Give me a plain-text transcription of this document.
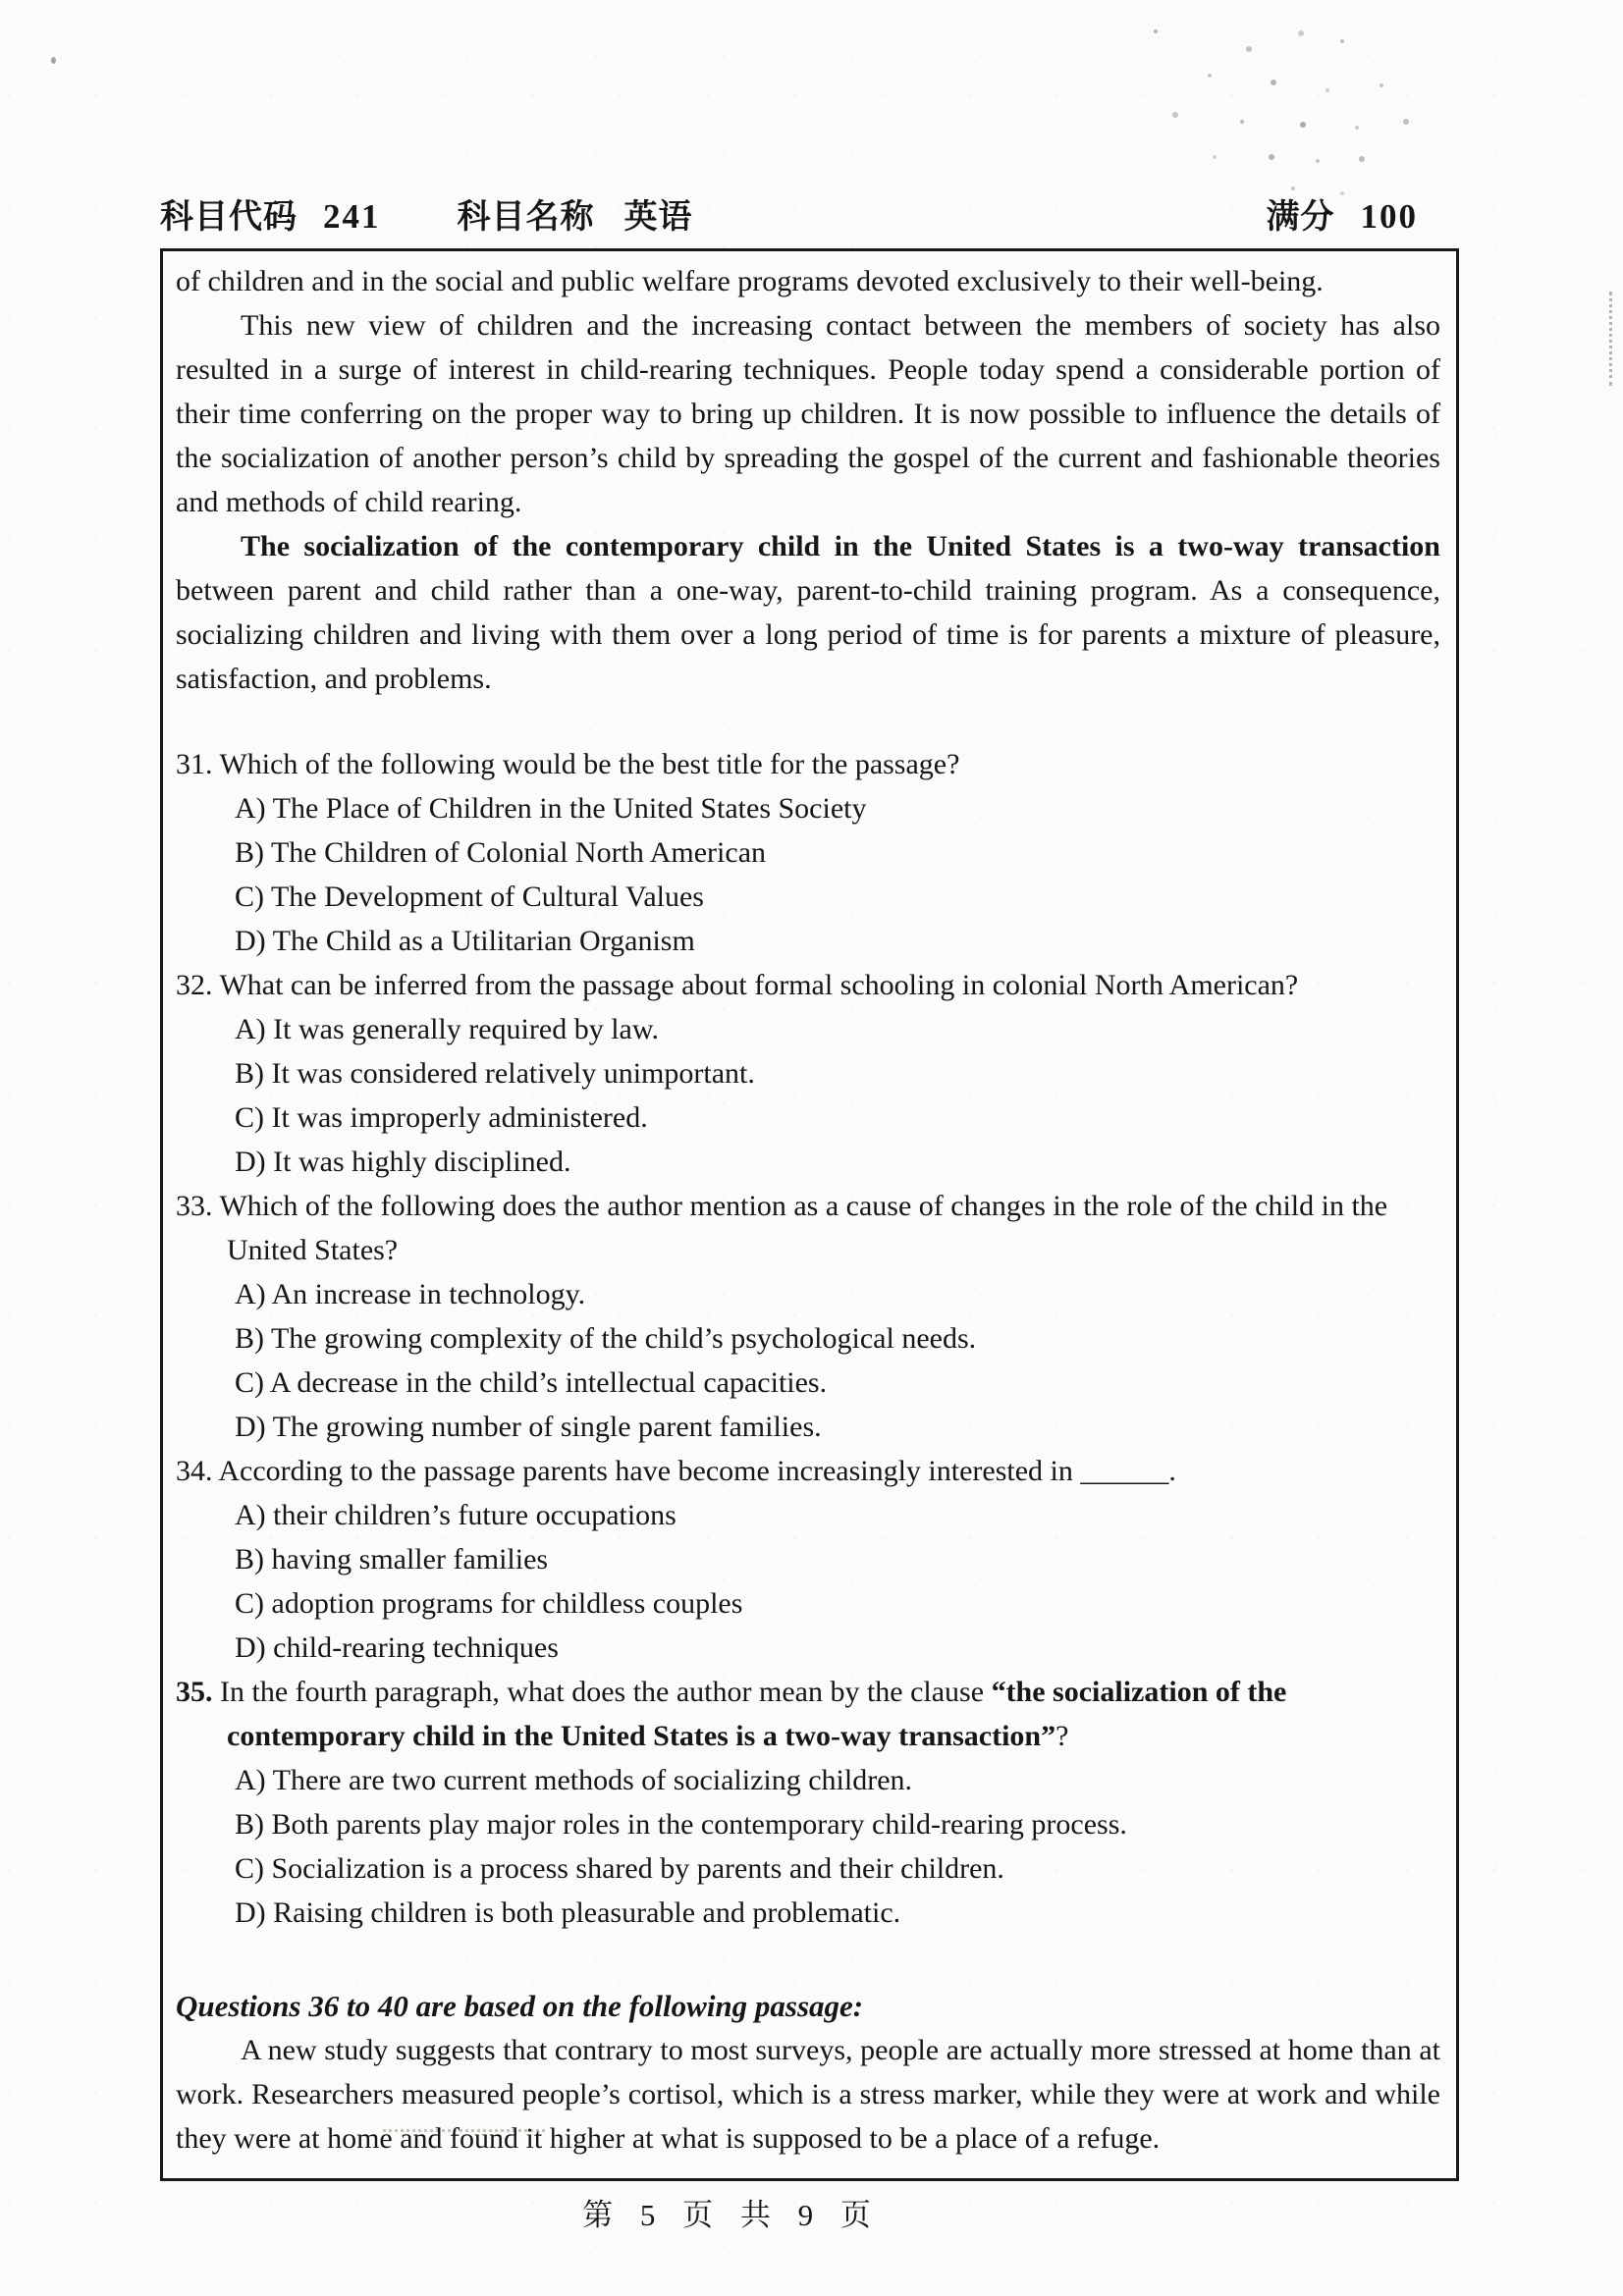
科目代码 241 科目名称 英语	满分 100

of children and in the social and public welfare programs devoted exclusively to their well-being.

This new view of children and the increasing contact between the members of society has also resulted in a surge of interest in child-rearing techniques. People today spend a considerable portion of their time conferring on the proper way to bring up children. It is now possible to influence the details of the socialization of another person’s child by spreading the gospel of the current and fashionable theories and methods of child rearing.

The socialization of the contemporary child in the United States is a two-way transaction between parent and child rather than a one-way, parent-to-child training program. As a consequence, socializing children and living with them over a long period of time is for parents a mixture of pleasure, satisfaction, and problems.

31. Which of the following would be the best title for the passage?

A) The Place of Children in the United States Society

B) The Children of Colonial North American

C) The Development of Cultural Values

D) The Child as a Utilitarian Organism

32. What can be inferred from the passage about formal schooling in colonial North American?

A) It was generally required by law.

B) It was considered relatively unimportant.

C) It was improperly administered.

D) It was highly disciplined.

33. Which of the following does the author mention as a cause of changes in the role of the child in the United States?

A) An increase in technology.

B) The growing complexity of the child’s psychological needs.

C) A decrease in the child’s intellectual capacities.

D) The growing number of single parent families.

34. According to the passage parents have become increasingly interested in ______.

A) their children’s future occupations

B) having smaller families

C) adoption programs for childless couples

D) child-rearing techniques

35. In the fourth paragraph, what does the author mean by the clause “the socialization of the contemporary child in the United States is a two-way transaction”?

A) There are two current methods of socializing children.

B) Both parents play major roles in the contemporary child-rearing process.

C) Socialization is a process shared by parents and their children.

D) Raising children is both pleasurable and problematic.

Questions 36 to 40 are based on the following passage:

A new study suggests that contrary to most surveys, people are actually more stressed at home than at work. Researchers measured people’s cortisol, which is a stress marker, while they were at work and while they were at home and found it higher at what is supposed to be a place of a refuge.

第 5 页 共 9 页
